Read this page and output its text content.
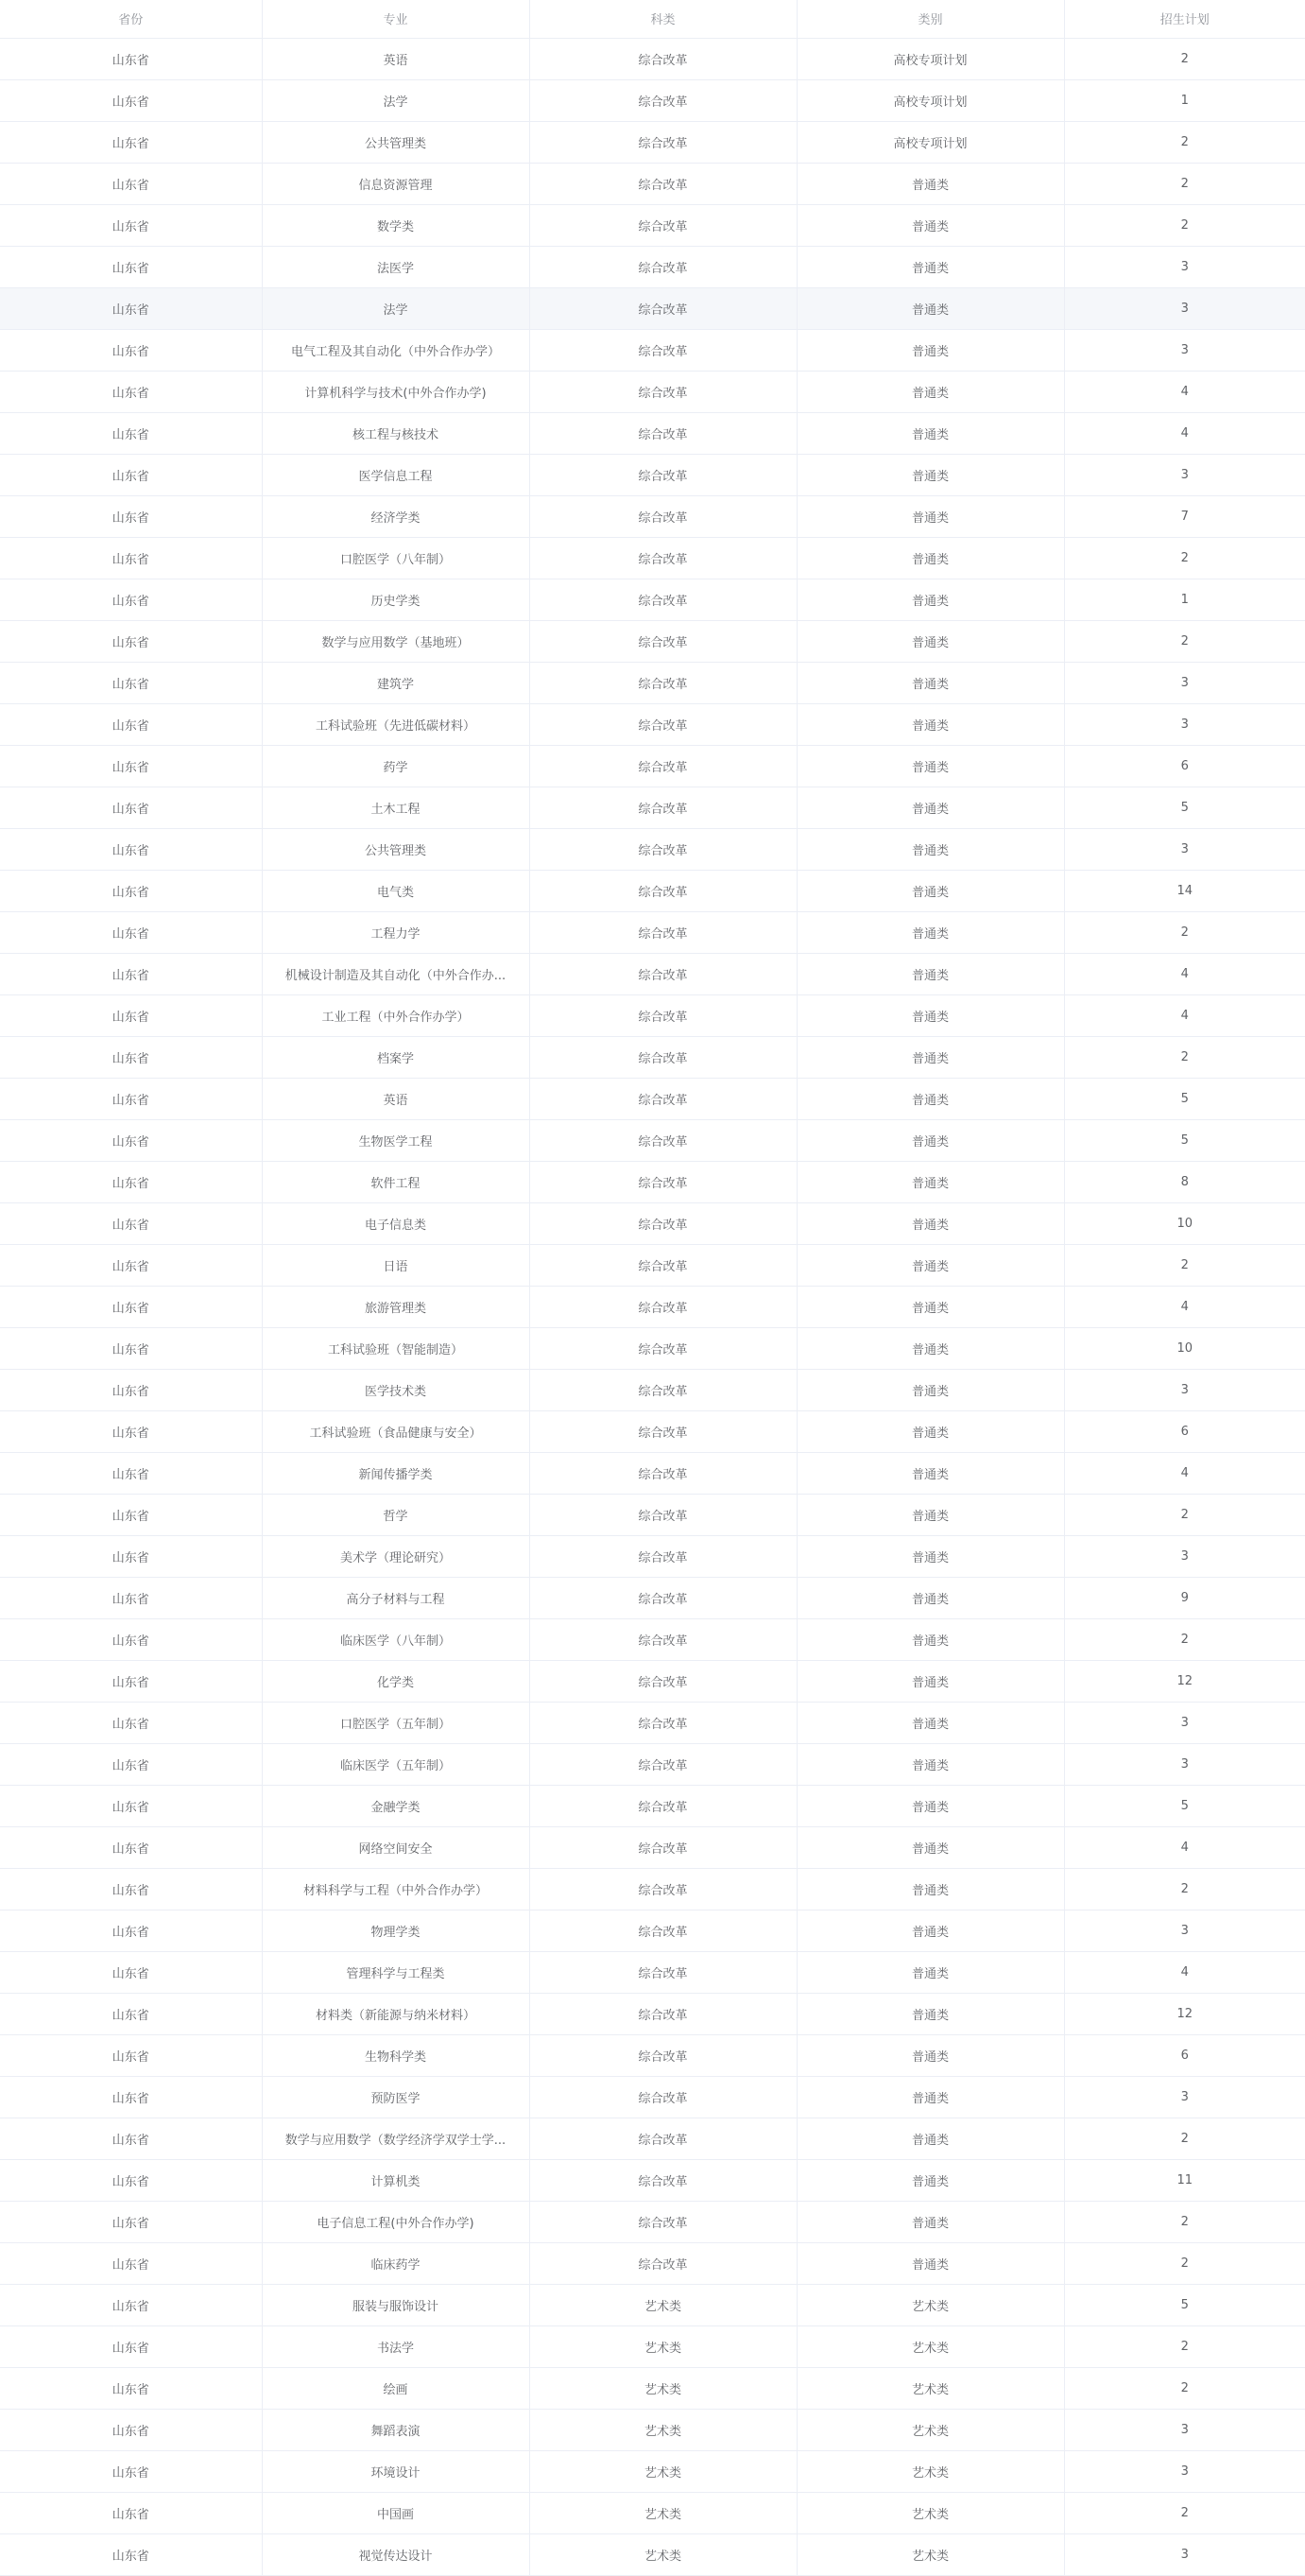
省份	专业	科类	类别	招生计划
山东省	英语	综合改革	高校专项计划	2
山东省	法学	综合改革	高校专项计划	1
山东省	公共管理类	综合改革	高校专项计划	2
山东省	信息资源管理	综合改革	普通类	2
山东省	数学类	综合改革	普通类	2
山东省	法医学	综合改革	普通类	3
山东省	法学	综合改革	普通类	3
山东省	电气工程及其自动化（中外合作办学）	综合改革	普通类	3
山东省	计算机科学与技术(中外合作办学)	综合改革	普通类	4
山东省	核工程与核技术	综合改革	普通类	4
山东省	医学信息工程	综合改革	普通类	3
山东省	经济学类	综合改革	普通类	7
山东省	口腔医学（八年制）	综合改革	普通类	2
山东省	历史学类	综合改革	普通类	1
山东省	数学与应用数学（基地班）	综合改革	普通类	2
山东省	建筑学	综合改革	普通类	3
山东省	工科试验班（先进低碳材料）	综合改革	普通类	3
山东省	药学	综合改革	普通类	6
山东省	土木工程	综合改革	普通类	5
山东省	公共管理类	综合改革	普通类	3
山东省	电气类	综合改革	普通类	14
山东省	工程力学	综合改革	普通类	2
山东省	机械设计制造及其自动化（中外合作办...	综合改革	普通类	4
山东省	工业工程（中外合作办学）	综合改革	普通类	4
山东省	档案学	综合改革	普通类	2
山东省	英语	综合改革	普通类	5
山东省	生物医学工程	综合改革	普通类	5
山东省	软件工程	综合改革	普通类	8
山东省	电子信息类	综合改革	普通类	10
山东省	日语	综合改革	普通类	2
山东省	旅游管理类	综合改革	普通类	4
山东省	工科试验班（智能制造）	综合改革	普通类	10
山东省	医学技术类	综合改革	普通类	3
山东省	工科试验班（食品健康与安全）	综合改革	普通类	6
山东省	新闻传播学类	综合改革	普通类	4
山东省	哲学	综合改革	普通类	2
山东省	美术学（理论研究）	综合改革	普通类	3
山东省	高分子材料与工程	综合改革	普通类	9
山东省	临床医学（八年制）	综合改革	普通类	2
山东省	化学类	综合改革	普通类	12
山东省	口腔医学（五年制）	综合改革	普通类	3
山东省	临床医学（五年制）	综合改革	普通类	3
山东省	金融学类	综合改革	普通类	5
山东省	网络空间安全	综合改革	普通类	4
山东省	材料科学与工程（中外合作办学）	综合改革	普通类	2
山东省	物理学类	综合改革	普通类	3
山东省	管理科学与工程类	综合改革	普通类	4
山东省	材料类（新能源与纳米材料）	综合改革	普通类	12
山东省	生物科学类	综合改革	普通类	6
山东省	预防医学	综合改革	普通类	3
山东省	数学与应用数学（数学经济学双学士学...	综合改革	普通类	2
山东省	计算机类	综合改革	普通类	11
山东省	电子信息工程(中外合作办学)	综合改革	普通类	2
山东省	临床药学	综合改革	普通类	2
山东省	服装与服饰设计	艺术类	艺术类	5
山东省	书法学	艺术类	艺术类	2
山东省	绘画	艺术类	艺术类	2
山东省	舞蹈表演	艺术类	艺术类	3
山东省	环境设计	艺术类	艺术类	3
山东省	中国画	艺术类	艺术类	2
山东省	视觉传达设计	艺术类	艺术类	3
